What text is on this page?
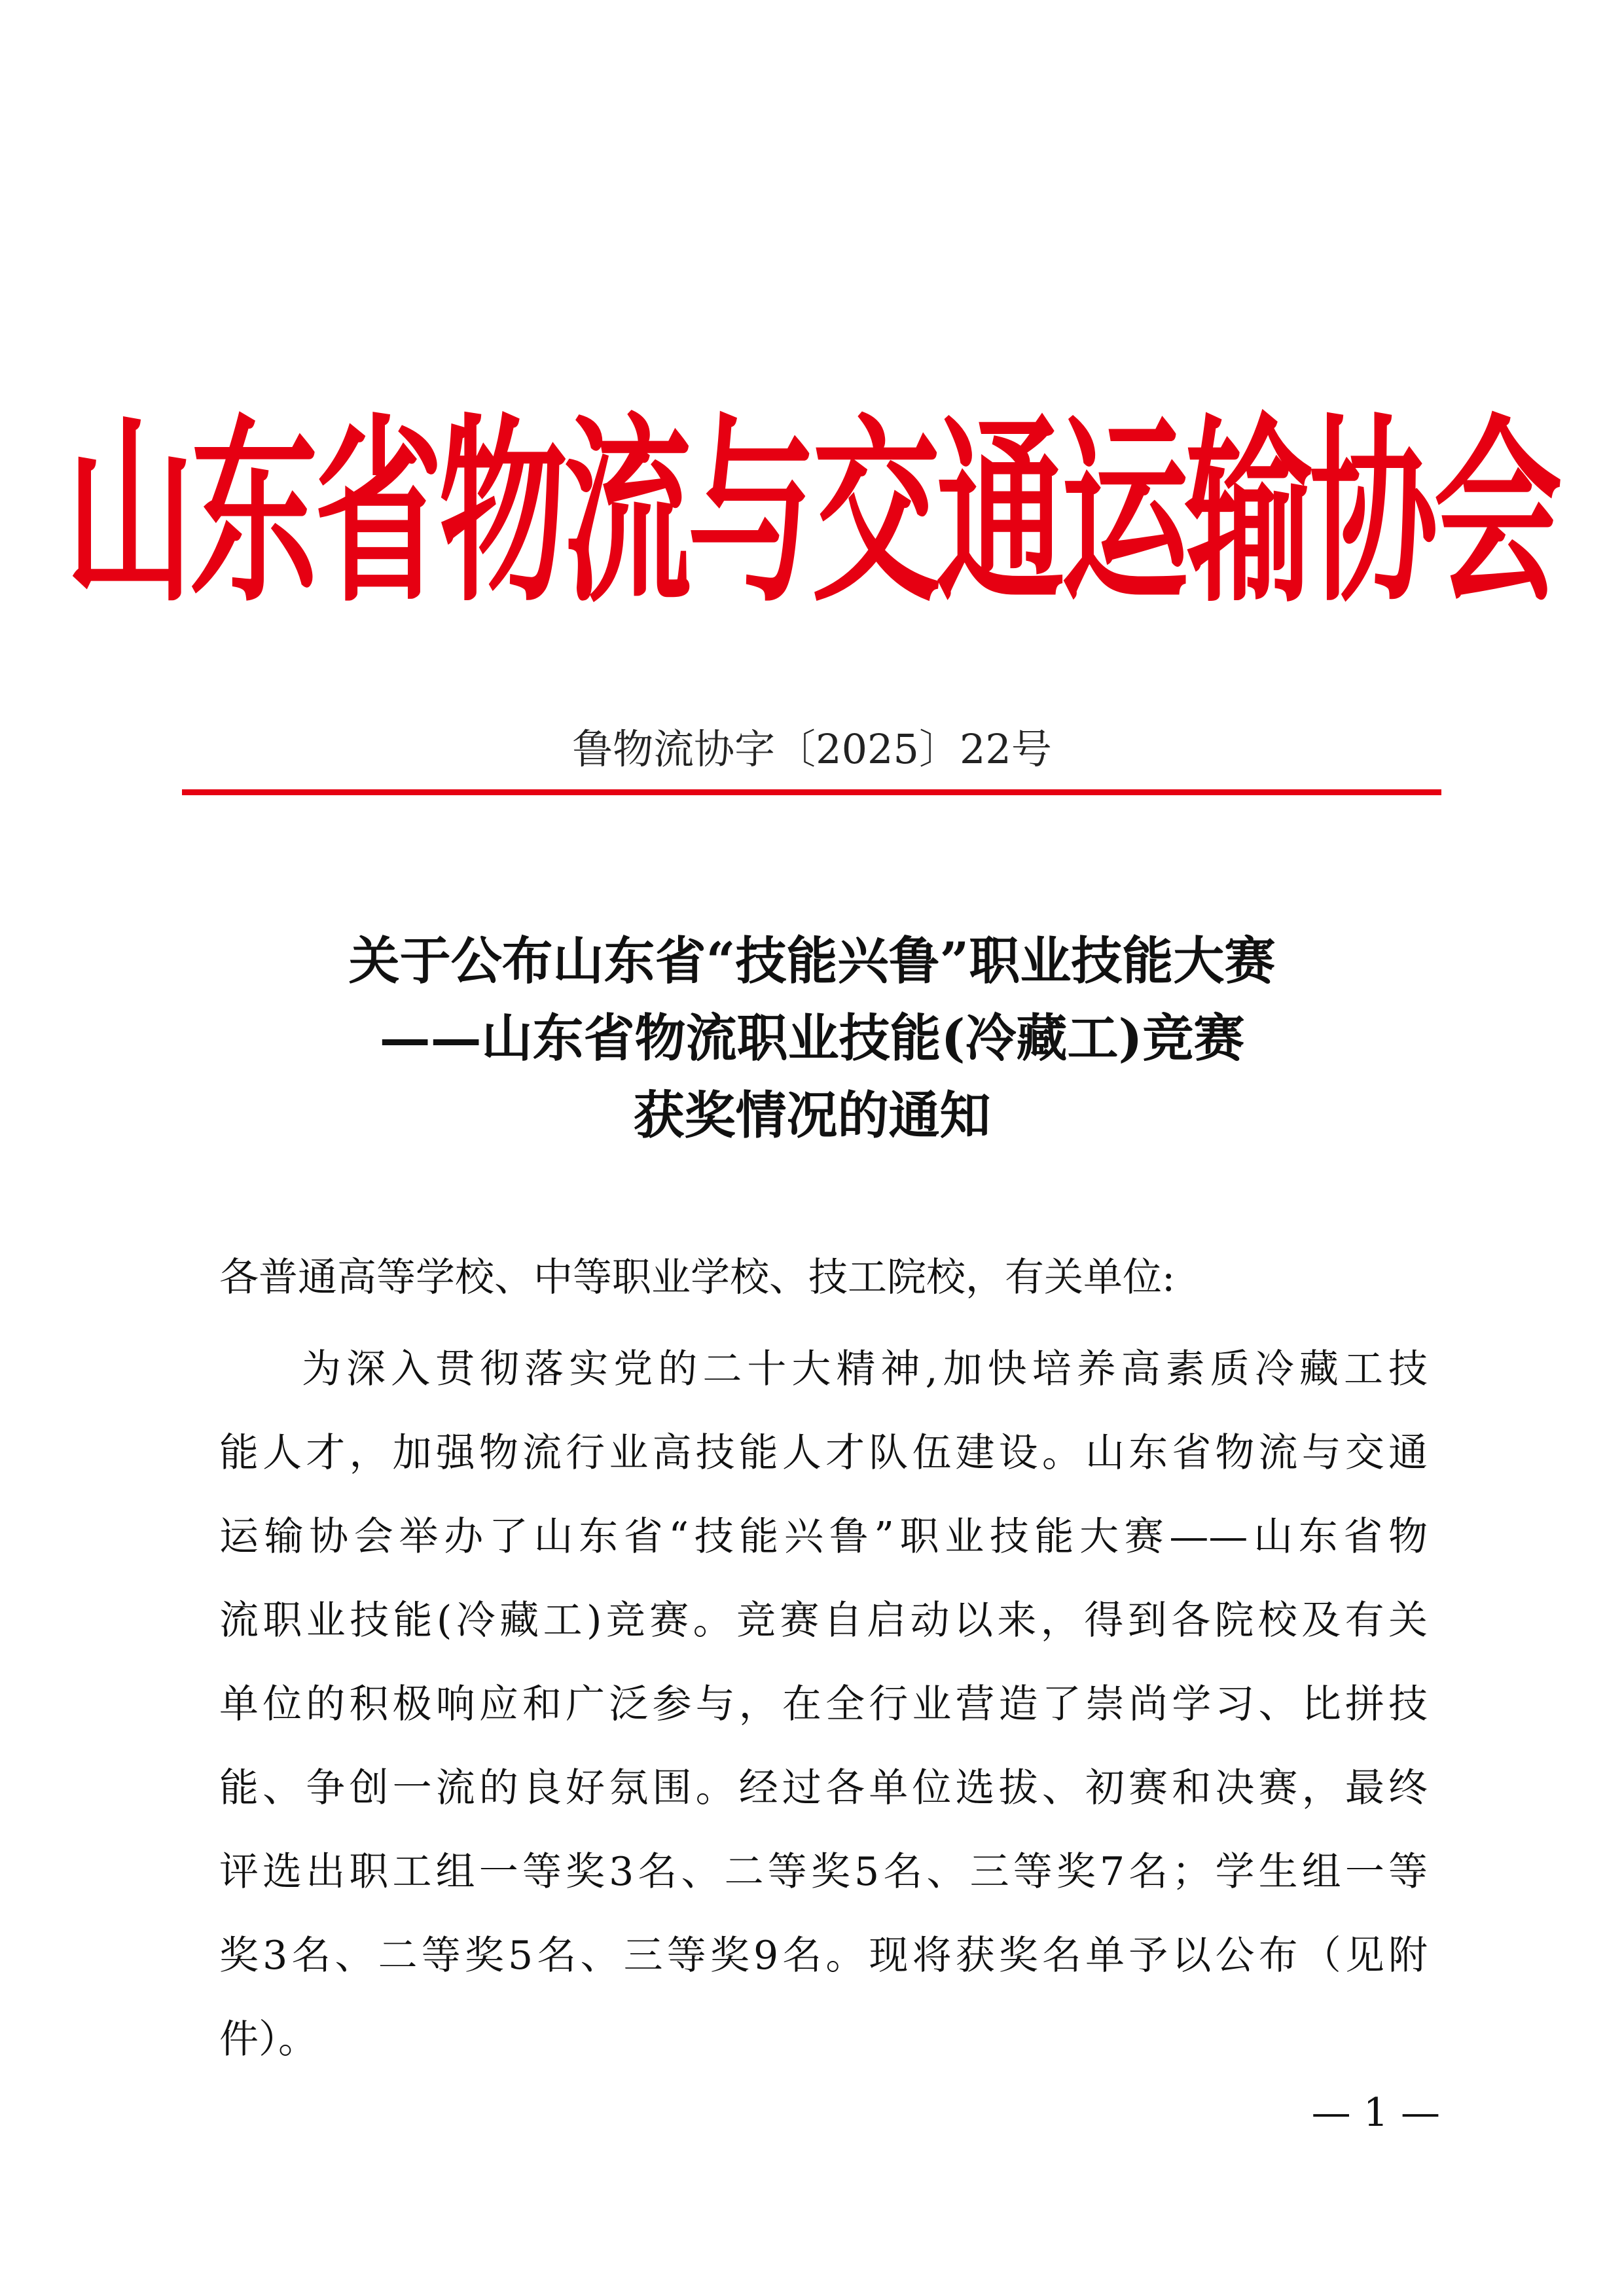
山东省物流与交通运输协会
鲁物流协字〔2025〕22号
关于公布山东省“技能兴鲁”职业技能大赛
——山东省物流职业技能(冷藏工)竞赛
获奖情况的通知
各普通高等学校、中等职业学校、技工院校，有关单位:
为深入贯彻落实党的二十大精神,加快培养高素质冷藏工技
能人才，加强物流行业高技能人才队伍建设。山东省物流与交通
运输协会举办了山东省“技能兴鲁”职业技能大赛——山东省物
流职业技能(冷藏工)竞赛。竞赛自启动以来，得到各院校及有关
单位的积极响应和广泛参与，在全行业营造了崇尚学习、比拼技
能、争创一流的良好氛围。经过各单位选拔、初赛和决赛，最终
评选出职工组一等奖3名、二等奖5名、三等奖7名；学生组一等
奖3名、二等奖5名、三等奖9名。现将获奖名单予以公布（见附
件）。
— 1 —
